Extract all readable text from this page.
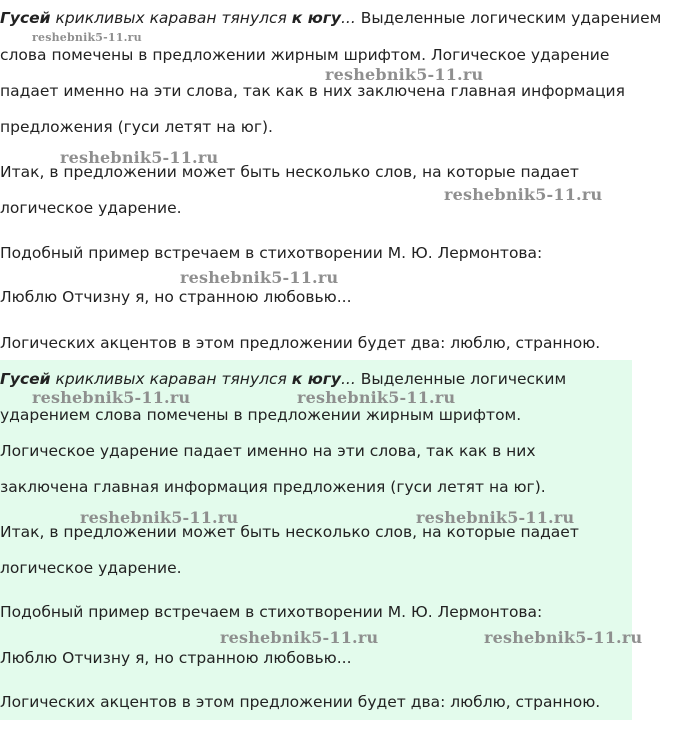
Гусей крикливых караван тянулся к югу... Выделенные логическим ударением
слова помечены в предложении жирным шрифтом. Логическое ударение
падает именно на эти слова, так как в них заключена главная информация
предложения (гуси летят на юг).
Итак, в предложении может быть несколько слов, на которые падает
логическое ударение.
Подобный пример встречаем в стихотворении М. Ю. Лермонтова:
Люблю Отчизну я, но странною любовью...
Логических акцентов в этом предложении будет два: люблю, странною.
Гусей крикливых караван тянулся к югу... Выделенные логическим
ударением слова помечены в предложении жирным шрифтом.
Логическое ударение падает именно на эти слова, так как в них
заключена главная информация предложения (гуси летят на юг).
Итак, в предложении может быть несколько слов, на которые падает
логическое ударение.
Подобный пример встречаем в стихотворении М. Ю. Лермонтова:
Люблю Отчизну я, но странною любовью...
Логических акцентов в этом предложении будет два: люблю, странною.
reshebnik5-11.ru
reshebnik5-11.ru
reshebnik5-11.ru
reshebnik5-11.ru
reshebnik5-11.ru
reshebnik5-11.ru	reshebnik5-11.ru
reshebnik5-11.ru	reshebnik5-11.ru
reshebnik5-11.ru	reshebnik5-11.ru
